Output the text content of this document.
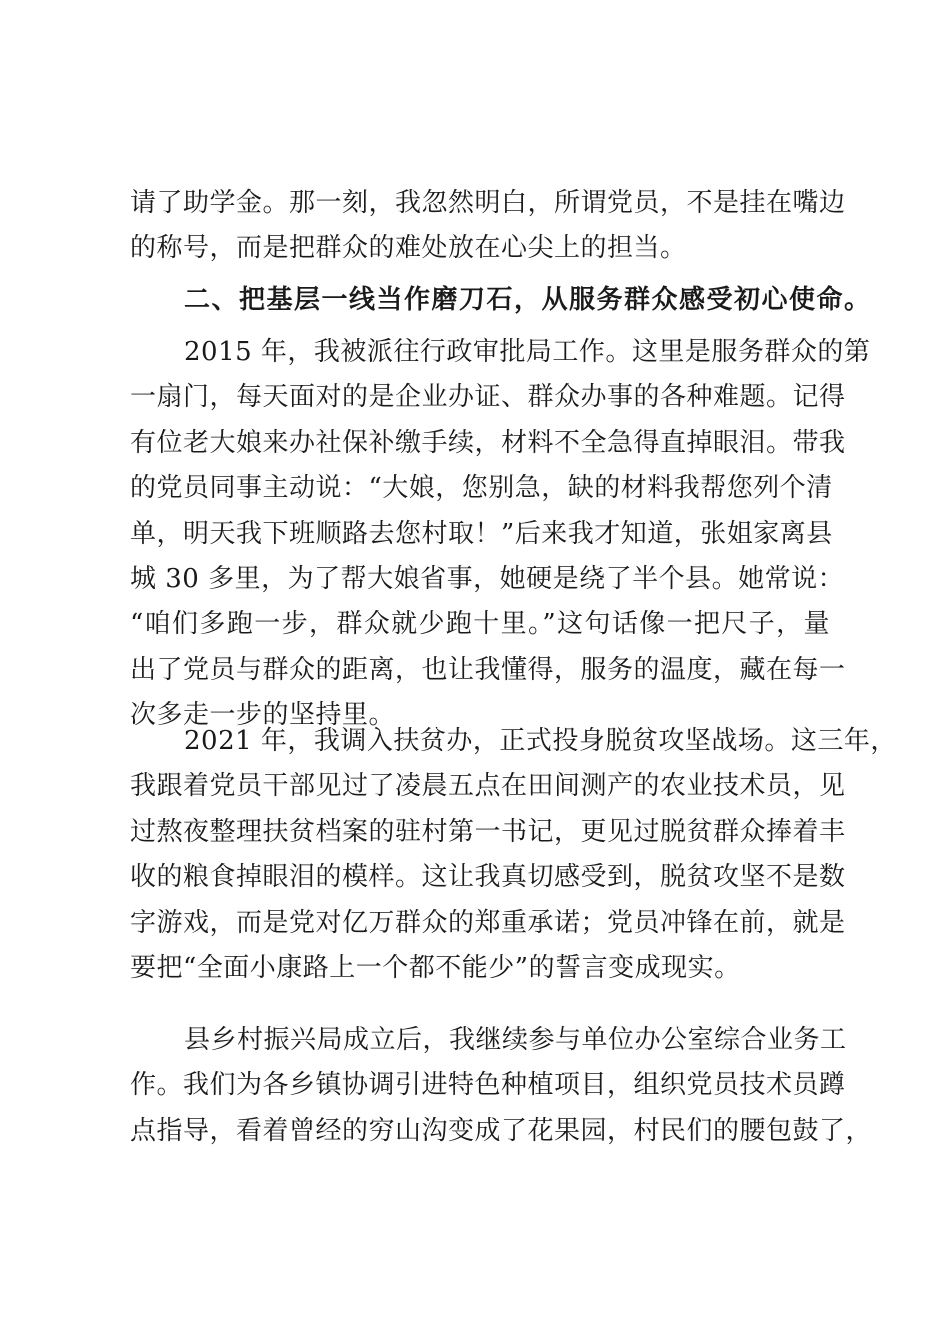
请了助学金。那一刻，我忽然明白，所谓党员，不是挂在嘴边
的称号，而是把群众的难处放在心尖上的担当。
二、把基层一线当作磨刀石，从服务群众感受初心使命。
2015 年，我被派往行政审批局工作。这里是服务群众的第
一扇门，每天面对的是企业办证、群众办事的各种难题。记得
有位老大娘来办社保补缴手续，材料不全急得直掉眼泪。带我
的党员同事主动说：“大娘，您别急，缺的材料我帮您列个清
单，明天我下班顺路去您村取！”后来我才知道，张姐家离县
城 30 多里，为了帮大娘省事，她硬是绕了半个县。她常说：
“咱们多跑一步，群众就少跑十里。”这句话像一把尺子，量
出了党员与群众的距离，也让我懂得，服务的温度，藏在每一
次多走一步的坚持里。
2021 年，我调入扶贫办，正式投身脱贫攻坚战场。这三年，
我跟着党员干部见过了凌晨五点在田间测产的农业技术员，见
过熬夜整理扶贫档案的驻村第一书记，更见过脱贫群众捧着丰
收的粮食掉眼泪的模样。这让我真切感受到，脱贫攻坚不是数
字游戏，而是党对亿万群众的郑重承诺；党员冲锋在前，就是
要把“全面小康路上一个都不能少”的誓言变成现实。
县乡村振兴局成立后，我继续参与单位办公室综合业务工
作。我们为各乡镇协调引进特色种植项目，组织党员技术员蹲
点指导，看着曾经的穷山沟变成了花果园，村民们的腰包鼓了，
